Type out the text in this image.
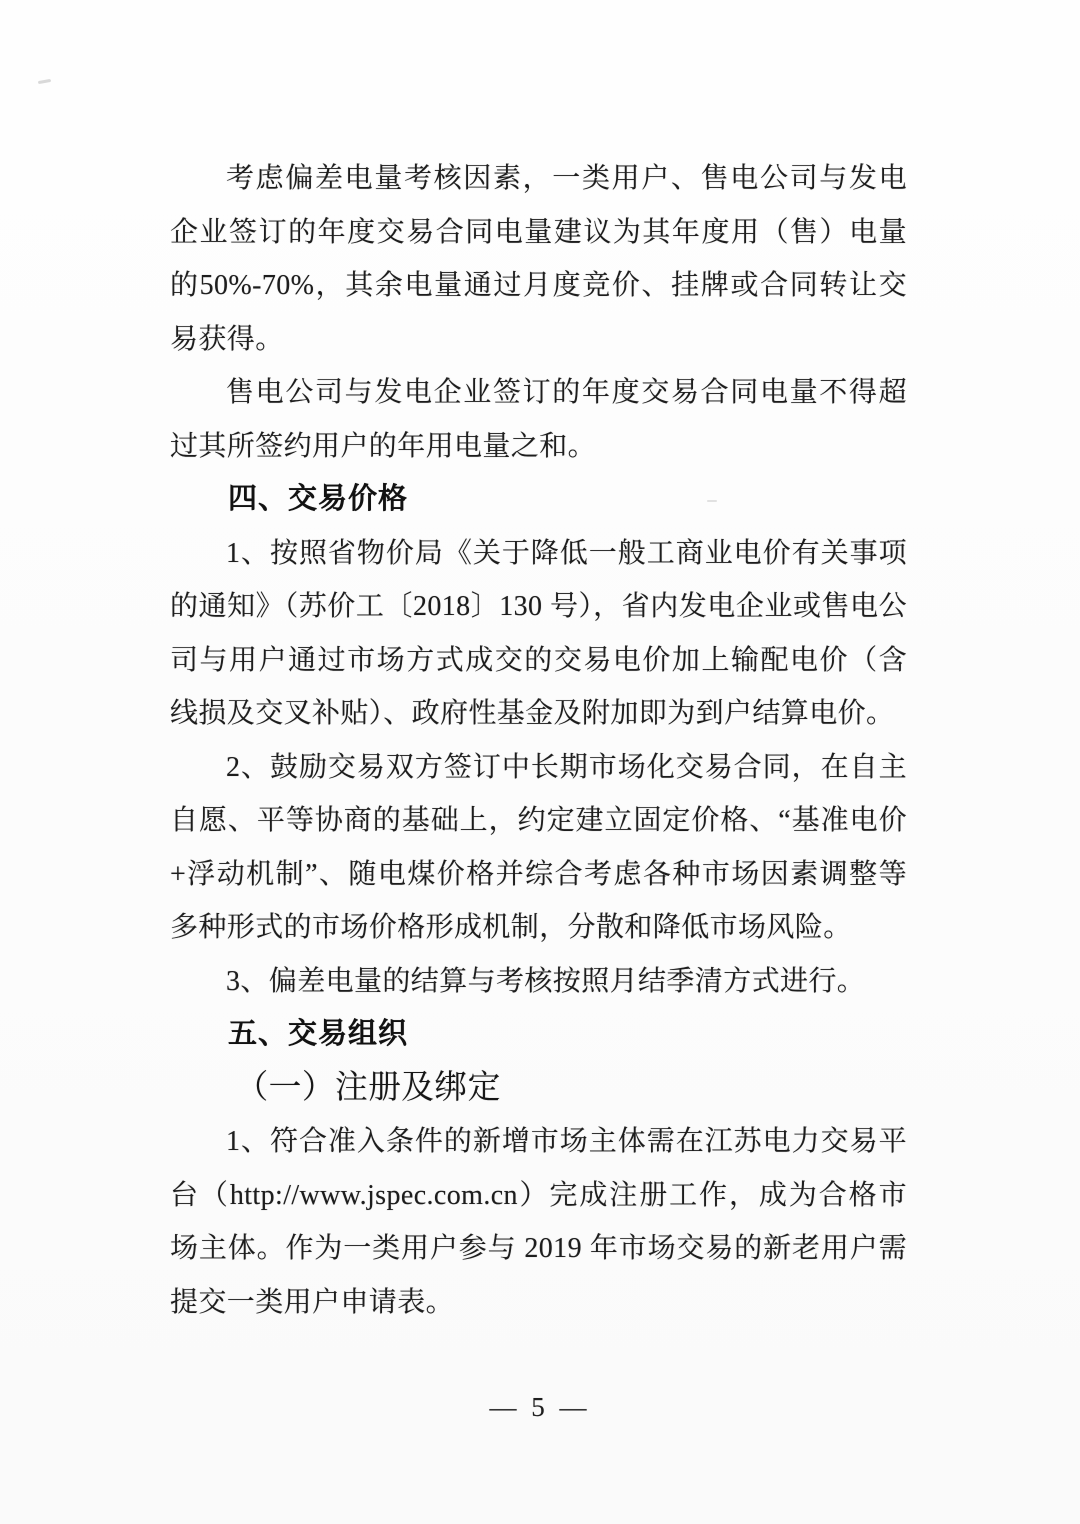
考虑偏差电量考核因素，一类用户、售电公司与发电企业签订的年度交易合同电量建议为其年度用（售）电量的50%-70%，其余电量通过月度竞价、挂牌或合同转让交易获得。

售电公司与发电企业签订的年度交易合同电量不得超过其所签约用户的年用电量之和。

四、交易价格

1、按照省物价局《关于降低一般工商业电价有关事项的通知》（苏价工〔2018〕130 号），省内发电企业或售电公司与用户通过市场方式成交的交易电价加上输配电价（含线损及交叉补贴）、政府性基金及附加即为到户结算电价。

2、鼓励交易双方签订中长期市场化交易合同，在自主自愿、平等协商的基础上，约定建立固定价格、“基准电价+浮动机制”、随电煤价格并综合考虑各种市场因素调整等多种形式的市场价格形成机制，分散和降低市场风险。

3、偏差电量的结算与考核按照月结季清方式进行。

五、交易组织
（一）注册及绑定

1、符合准入条件的新增市场主体需在江苏电力交易平台（http://www.jspec.com.cn）完成注册工作，成为合格市场主体。作为一类用户参与 2019 年市场交易的新老用户需提交一类用户申请表。

— 5 —
